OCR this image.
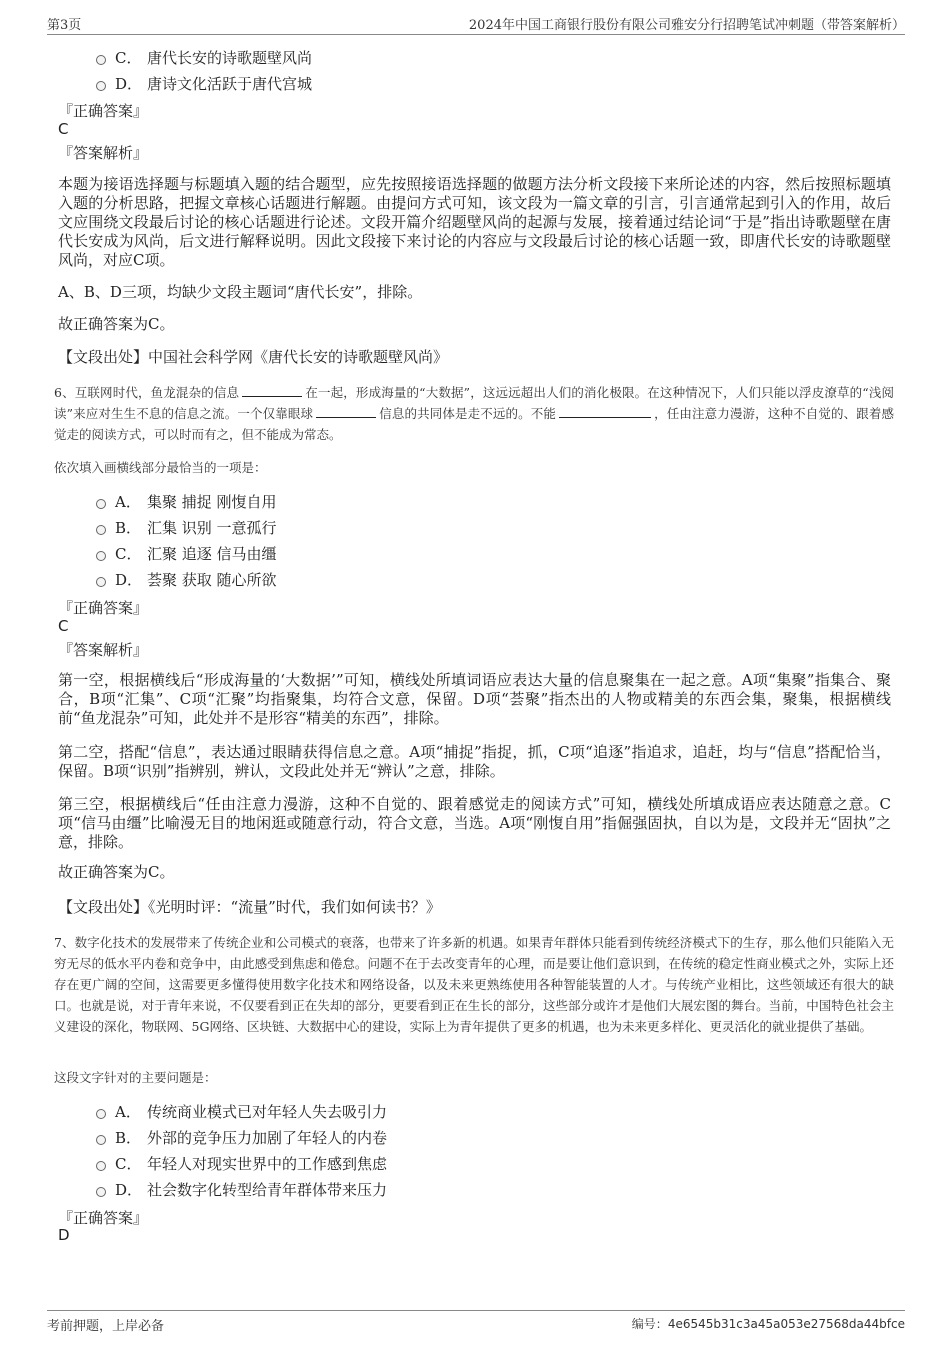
第3页	2024年中国工商银行股份有限公司雅安分行招聘笔试冲刺题（带答案解析）
C． 唐代长安的诗歌题壁风尚
D． 唐诗文化活跃于唐代宫城
『正确答案』
C
『答案解析』
本题为接语选择题与标题填入题的结合题型，应先按照接语选择题的做题方法分析文段接下来所论述的内容，然后按照标题填入题的分析思路，把握文章核心话题进行解题。由提问方式可知，该文段为一篇文章的引言，引言通常起到引入的作用，故后文应围绕文段最后讨论的核心话题进行论述。文段开篇介绍题壁风尚的起源与发展，接着通过结论词“于是”指出诗歌题壁在唐代长安成为风尚，后文进行解释说明。因此文段接下来讨论的内容应与文段最后讨论的核心话题一致，即唐代长安的诗歌题壁风尚，对应C项。
A、B、D三项，均缺少文段主题词“唐代长安”，排除。
故正确答案为C。
【文段出处】中国社会科学网《唐代长安的诗歌题壁风尚》
6、互联网时代，鱼龙混杂的信息	在一起，形成海量的“大数据”，这远远超出人们的消化极限。在这种情况下，人们只能以浮皮潦草的“浅阅读”来应对生生不息的信息之流。一个仅靠眼球	信息的共同体是走不远的。不能	，任由注意力漫游，这种不自觉的、跟着感觉走的阅读方式，可以时而有之，但不能成为常态。
依次填入画横线部分最恰当的一项是：
A． 集聚 捕捉 刚愎自用
B． 汇集 识别 一意孤行
C． 汇聚 追逐 信马由缰
D． 荟聚 获取 随心所欲
『正确答案』
C
『答案解析』
第一空，根据横线后“形成海量的‘大数据’”可知，横线处所填词语应表达大量的信息聚集在一起之意。A项“集聚”指集合、聚合，B项“汇集”、C项“汇聚”均指聚集，均符合文意，保留。D项“荟聚”指杰出的人物或精美的东西会集，聚集，根据横线前“鱼龙混杂”可知，此处并不是形容“精美的东西”，排除。
第二空，搭配“信息”，表达通过眼睛获得信息之意。A项“捕捉”指捉，抓，C项“追逐”指追求，追赶，均与“信息”搭配恰当，保留。B项“识别”指辨别，辨认，文段此处并无“辨认”之意，排除。
第三空，根据横线后“任由注意力漫游，这种不自觉的、跟着感觉走的阅读方式”可知，横线处所填成语应表达随意之意。C项“信马由缰”比喻漫无目的地闲逛或随意行动，符合文意，当选。A项“刚愎自用”指倔强固执，自以为是，文段并无“固执”之意，排除。
故正确答案为C。
【文段出处】《光明时评：“流量”时代，我们如何读书？》
7、数字化技术的发展带来了传统企业和公司模式的衰落，也带来了许多新的机遇。如果青年群体只能看到传统经济模式下的生存，那么他们只能陷入无穷无尽的低水平内卷和竞争中，由此感受到焦虑和倦怠。问题不在于去改变青年的心理，而是要让他们意识到，在传统的稳定性商业模式之外，实际上还存在更广阔的空间，这需要更多懂得使用数字化技术和网络设备，以及未来更熟练使用各种智能装置的人才。与传统产业相比，这些领域还有很大的缺口。也就是说，对于青年来说，不仅要看到正在失却的部分，更要看到正在生长的部分，这些部分或许才是他们大展宏图的舞台。当前，中国特色社会主义建设的深化，物联网、5G网络、区块链、大数据中心的建设，实际上为青年提供了更多的机遇，也为未来更多样化、更灵活化的就业提供了基础。
这段文字针对的主要问题是：
A． 传统商业模式已对年轻人失去吸引力
B． 外部的竞争压力加剧了年轻人的内卷
C． 年轻人对现实世界中的工作感到焦虑
D． 社会数字化转型给青年群体带来压力
『正确答案』
D
考前押题，上岸必备	编号：4e6545b31c3a45a053e27568da44bfce
